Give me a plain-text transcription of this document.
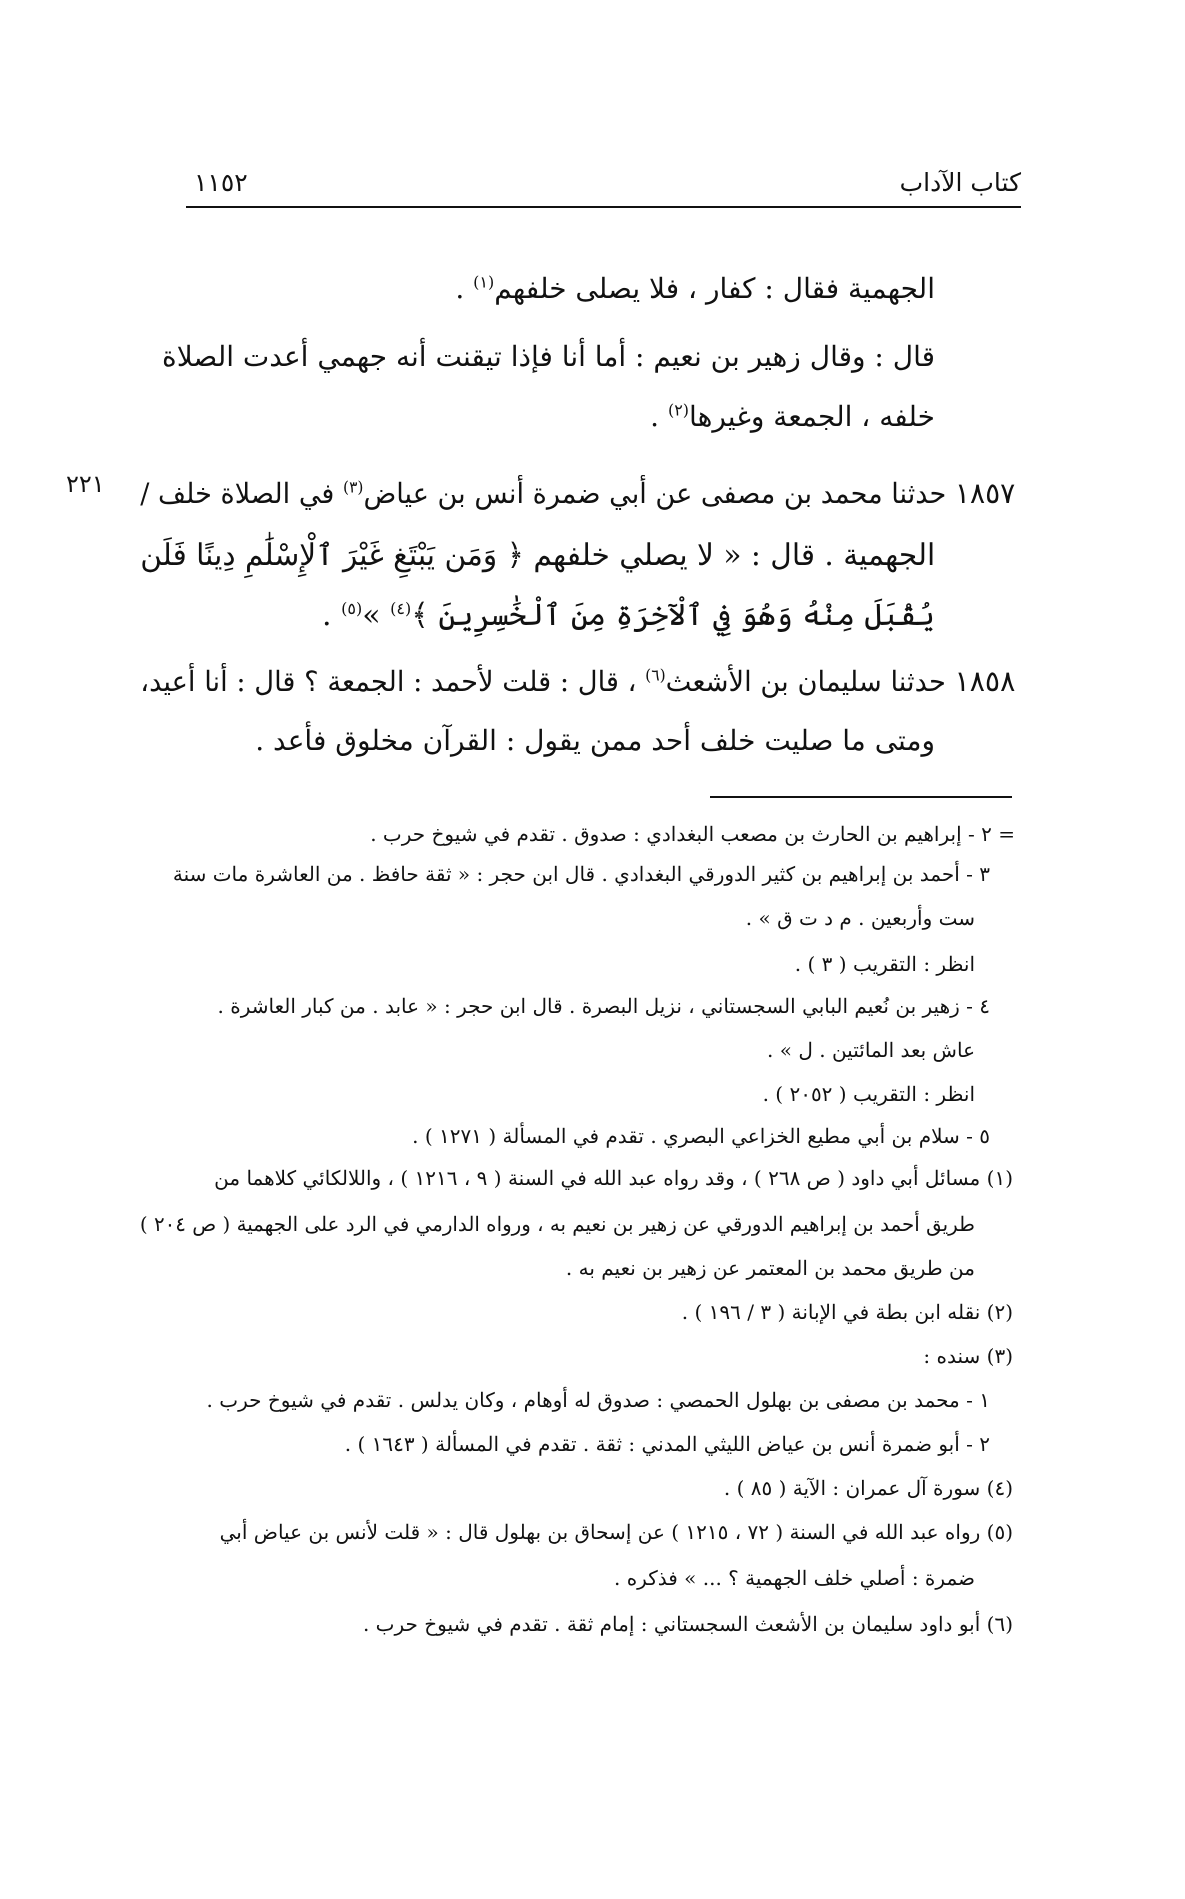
كتاب الآداب
١١٥٢
٢٢١
الجهمية فقال : كفار ، فلا يصلى خلفهم$^{(١)}$ .
قال : وقال زهير بن نعيم : أما أنا فإذا تيقنت أنه جهمي أعدت الصلاة
خلفه ، الجمعة وغيرها$^{(٢)}$ .
١٨٥٧ حدثنا محمد بن مصفى عن أبي ضمرة أنس بن عياض$^{(٣)}$ في الصلاة خلف /
الجهمية . قال : « لا يصلي خلفهم ﴿ وَمَن يَبْتَغِ غَيْرَ ٱلْإِسْلَٰمِ دِينًا فَلَن
يُقْبَلَ مِنْهُ وَهُوَ فِي ٱلْآخِرَةِ مِنَ ٱلْخَٰسِرِينَ ﴾$^{(٤)}$ »$^{(٥)}$ .
١٨٥٨ حدثنا سليمان بن الأشعث$^{(٦)}$ ، قال : قلت لأحمد : الجمعة ؟ قال : أنا أعيد،
ومتى ما صليت خلف أحد ممن يقول : القرآن مخلوق فأعد .
= ٢ - إبراهيم بن الحارث بن مصعب البغدادي : صدوق . تقدم في شيوخ حرب .
٣ - أحمد بن إبراهيم بن كثير الدورقي البغدادي . قال ابن حجر : « ثقة حافظ . من العاشرة مات سنة
ست وأربعين . م د ت ق » .
انظر : التقريب ( ٣ ) .
٤ - زهير بن نُعيم البابي السجستاني ، نزيل البصرة . قال ابن حجر : « عابد . من كبار العاشرة .
عاش بعد المائتين . ل » .
انظر : التقريب ( ٢٠٥٢ ) .
٥ - سلام بن أبي مطيع الخزاعي البصري . تقدم في المسألة ( ١٢٧١ ) .
(١) مسائل أبي داود ( ص ٢٦٨ ) ، وقد رواه عبد الله في السنة ( ٩ ، ١٢١٦ ) ، واللالكائي كلاهما من
طريق أحمد بن إبراهيم الدورقي عن زهير بن نعيم به ، ورواه الدارمي في الرد على الجهمية ( ص ٢٠٤ )
من طريق محمد بن المعتمر عن زهير بن نعيم به .
(٢) نقله ابن بطة في الإبانة ( ٣ / ١٩٦ ) .
(٣) سنده :
١ - محمد بن مصفى بن بهلول الحمصي : صدوق له أوهام ، وكان يدلس . تقدم في شيوخ حرب .
٢ - أبو ضمرة أنس بن عياض الليثي المدني : ثقة . تقدم في المسألة ( ١٦٤٣ ) .
(٤) سورة آل عمران : الآية ( ٨٥ ) .
(٥) رواه عبد الله في السنة ( ٧٢ ، ١٢١٥ ) عن إسحاق بن بهلول قال : « قلت لأنس بن عياض أبي
ضمرة : أصلي خلف الجهمية ؟ ... » فذكره .
(٦) أبو داود سليمان بن الأشعث السجستاني : إمام ثقة . تقدم في شيوخ حرب .
